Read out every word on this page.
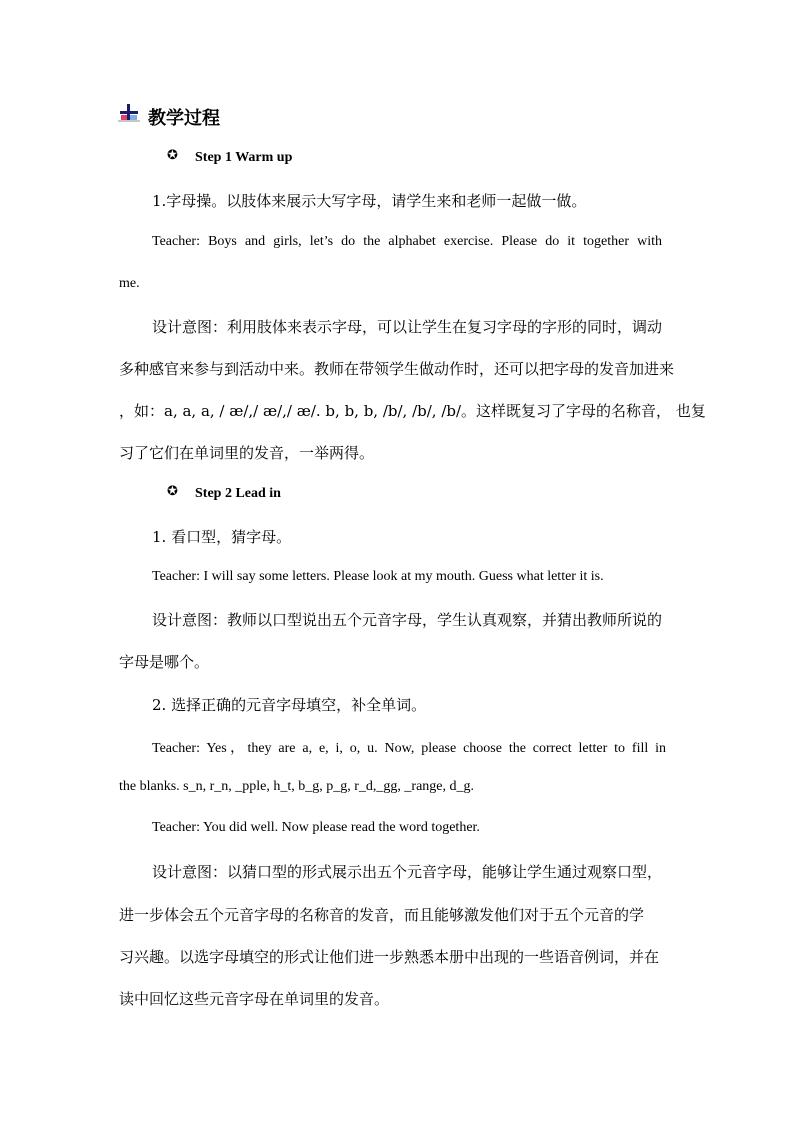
教学过程
✪ Step 1 Warm up
1.字母操。以肢体来展示大写字母，请学生来和老师一起做一做。
Teacher: Boys and girls, let’s do the alphabet exercise. Please do it together with
me.
设计意图：利用肢体来表示字母，可以让学生在复习字母的字形的同时，调动
多种感官来参与到活动中来。教师在带领学生做动作时，还可以把字母的发音加进来
，如：a, a, a, / æ/,/ æ/,/ æ/. b, b, b, /b/, /b/, /b/。这样既复习了字母的名称音， 也复
习了它们在单词里的发音，一举两得。
✪ Step 2 Lead in
1. 看口型，猜字母。
Teacher: I will say some letters. Please look at my mouth. Guess what letter it is.
设计意图：教师以口型说出五个元音字母，学生认真观察，并猜出教师所说的
字母是哪个。
2. 选择正确的元音字母填空，补全单词。
Teacher: Yes，they are a, e, i, o, u. Now, please choose the correct letter to fill in
the blanks. s_n, r_n, _pple, h_t, b_g, p_g, r_d,_gg, _range, d_g.
Teacher: You did well. Now please read the word together.
设计意图：以猜口型的形式展示出五个元音字母，能够让学生通过观察口型，
进一步体会五个元音字母的名称音的发音，而且能够激发他们对于五个元音的学
习兴趣。以选字母填空的形式让他们进一步熟悉本册中出现的一些语音例词，并在
读中回忆这些元音字母在单词里的发音。
